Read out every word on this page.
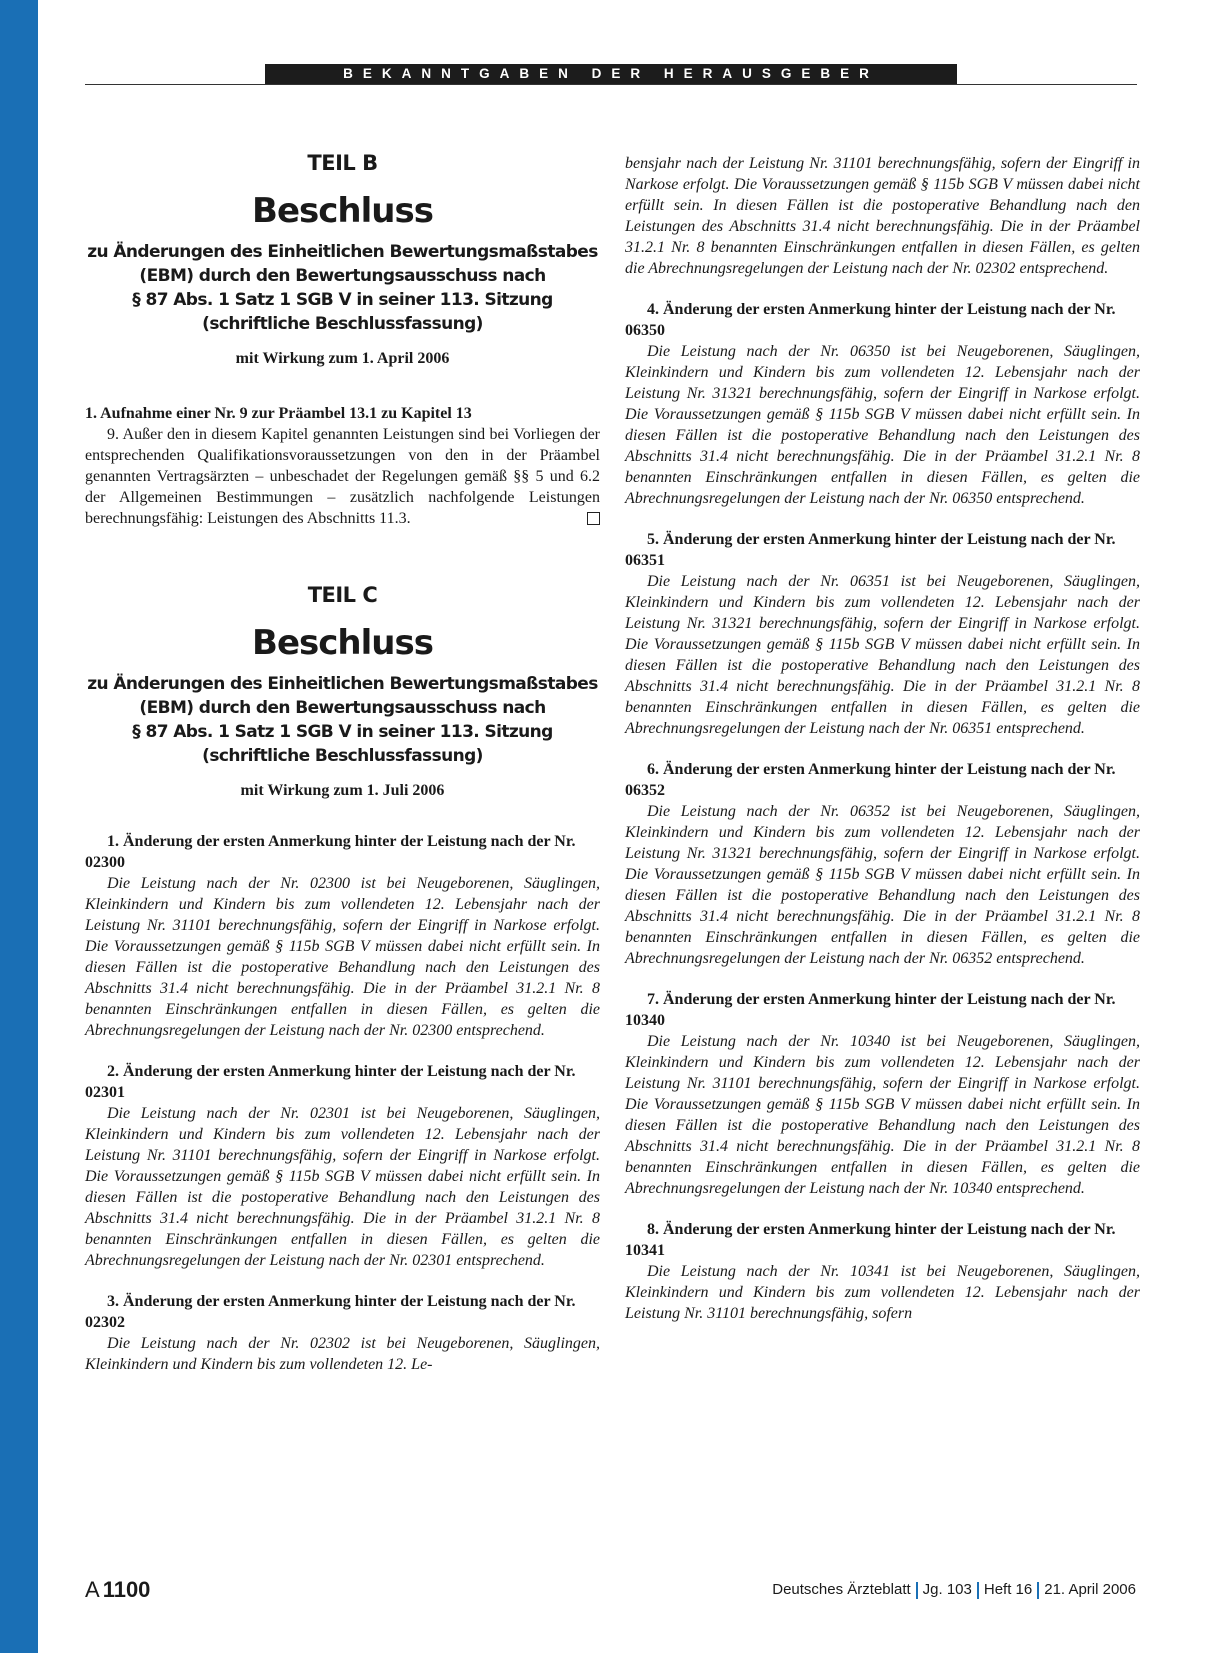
BEKANNTGABEN DER HERAUSGEBER
TEIL B
Beschluss
zu Änderungen des Einheitlichen Bewertungsmaßstabes
(EBM) durch den Bewertungsausschuss nach
§ 87 Abs. 1 Satz 1 SGB V in seiner 113. Sitzung
(schriftliche Beschlussfassung)
mit Wirkung zum 1. April 2006
1. Aufnahme einer Nr. 9 zur Präambel 13.1 zu Kapitel 13
9. Außer den in diesem Kapitel genannten Leistungen sind bei Vorliegen der entsprechenden Qualifikationsvoraussetzungen von den in der Präambel genannten Vertragsärzten – unbeschadet der Regelungen gemäß §§ 5 und 6.2 der Allgemeinen Bestimmungen – zusätzlich nachfolgende Leistungen berechnungsfähig: Leistungen des Abschnitts 11.3.
TEIL C
Beschluss
zu Änderungen des Einheitlichen Bewertungsmaßstabes
(EBM) durch den Bewertungsausschuss nach
§ 87 Abs. 1 Satz 1 SGB V in seiner 113. Sitzung
(schriftliche Beschlussfassung)
mit Wirkung zum 1. Juli 2006
1. Änderung der ersten Anmerkung hinter der Leistung nach der Nr. 02300
Die Leistung nach der Nr. 02300 ist bei Neugeborenen, Säuglingen, Kleinkindern und Kindern bis zum vollendeten 12. Lebensjahr nach der Leistung Nr. 31101 berechnungsfähig, sofern der Eingriff in Narkose erfolgt. Die Voraussetzungen gemäß § 115b SGB V müssen dabei nicht erfüllt sein. In diesen Fällen ist die postoperative Behandlung nach den Leistungen des Abschnitts 31.4 nicht berechnungsfähig. Die in der Präambel 31.2.1 Nr. 8 benannten Einschränkungen entfallen in diesen Fällen, es gelten die Abrechnungsregelungen der Leistung nach der Nr. 02300 entsprechend.
2. Änderung der ersten Anmerkung hinter der Leistung nach der Nr. 02301
Die Leistung nach der Nr. 02301 ist bei Neugeborenen, Säuglingen, Kleinkindern und Kindern bis zum vollendeten 12. Lebensjahr nach der Leistung Nr. 31101 berechnungsfähig, sofern der Eingriff in Narkose erfolgt. Die Voraussetzungen gemäß § 115b SGB V müssen dabei nicht erfüllt sein. In diesen Fällen ist die postoperative Behandlung nach den Leistungen des Abschnitts 31.4 nicht berechnungsfähig. Die in der Präambel 31.2.1 Nr. 8 benannten Einschränkungen entfallen in diesen Fällen, es gelten die Abrechnungsregelungen der Leistung nach der Nr. 02301 entsprechend.
3. Änderung der ersten Anmerkung hinter der Leistung nach der Nr. 02302
Die Leistung nach der Nr. 02302 ist bei Neugeborenen, Säuglingen, Kleinkindern und Kindern bis zum vollendeten 12. Le-
bensjahr nach der Leistung Nr. 31101 berechnungsfähig, sofern der Eingriff in Narkose erfolgt. Die Voraussetzungen gemäß § 115b SGB V müssen dabei nicht erfüllt sein. In diesen Fällen ist die postoperative Behandlung nach den Leistungen des Abschnitts 31.4 nicht berechnungsfähig. Die in der Präambel 31.2.1 Nr. 8 benannten Einschränkungen entfallen in diesen Fällen, es gelten die Abrechnungsregelungen der Leistung nach der Nr. 02302 entsprechend.
4. Änderung der ersten Anmerkung hinter der Leistung nach der Nr. 06350
Die Leistung nach der Nr. 06350 ist bei Neugeborenen, Säuglingen, Kleinkindern und Kindern bis zum vollendeten 12. Lebensjahr nach der Leistung Nr. 31321 berechnungsfähig, sofern der Eingriff in Narkose erfolgt. Die Voraussetzungen gemäß § 115b SGB V müssen dabei nicht erfüllt sein. In diesen Fällen ist die postoperative Behandlung nach den Leistungen des Abschnitts 31.4 nicht berechnungsfähig. Die in der Präambel 31.2.1 Nr. 8 benannten Einschränkungen entfallen in diesen Fällen, es gelten die Abrechnungsregelungen der Leistung nach der Nr. 06350 entsprechend.
5. Änderung der ersten Anmerkung hinter der Leistung nach der Nr. 06351
Die Leistung nach der Nr. 06351 ist bei Neugeborenen, Säuglingen, Kleinkindern und Kindern bis zum vollendeten 12. Lebensjahr nach der Leistung Nr. 31321 berechnungsfähig, sofern der Eingriff in Narkose erfolgt. Die Voraussetzungen gemäß § 115b SGB V müssen dabei nicht erfüllt sein. In diesen Fällen ist die postoperative Behandlung nach den Leistungen des Abschnitts 31.4 nicht berechnungsfähig. Die in der Präambel 31.2.1 Nr. 8 benannten Einschränkungen entfallen in diesen Fällen, es gelten die Abrechnungsregelungen der Leistung nach der Nr. 06351 entsprechend.
6. Änderung der ersten Anmerkung hinter der Leistung nach der Nr. 06352
Die Leistung nach der Nr. 06352 ist bei Neugeborenen, Säuglingen, Kleinkindern und Kindern bis zum vollendeten 12. Lebensjahr nach der Leistung Nr. 31321 berechnungsfähig, sofern der Eingriff in Narkose erfolgt. Die Voraussetzungen gemäß § 115b SGB V müssen dabei nicht erfüllt sein. In diesen Fällen ist die postoperative Behandlung nach den Leistungen des Abschnitts 31.4 nicht berechnungsfähig. Die in der Präambel 31.2.1 Nr. 8 benannten Einschränkungen entfallen in diesen Fällen, es gelten die Abrechnungsregelungen der Leistung nach der Nr. 06352 entsprechend.
7. Änderung der ersten Anmerkung hinter der Leistung nach der Nr. 10340
Die Leistung nach der Nr. 10340 ist bei Neugeborenen, Säuglingen, Kleinkindern und Kindern bis zum vollendeten 12. Lebensjahr nach der Leistung Nr. 31101 berechnungsfähig, sofern der Eingriff in Narkose erfolgt. Die Voraussetzungen gemäß § 115b SGB V müssen dabei nicht erfüllt sein. In diesen Fällen ist die postoperative Behandlung nach den Leistungen des Abschnitts 31.4 nicht berechnungsfähig. Die in der Präambel 31.2.1 Nr. 8 benannten Einschränkungen entfallen in diesen Fällen, es gelten die Abrechnungsregelungen der Leistung nach der Nr. 10340 entsprechend.
8. Änderung der ersten Anmerkung hinter der Leistung nach der Nr. 10341
Die Leistung nach der Nr. 10341 ist bei Neugeborenen, Säuglingen, Kleinkindern und Kindern bis zum vollendeten 12. Lebensjahr nach der Leistung Nr. 31101 berechnungsfähig, sofern
A 1100	Deutsches Ärzteblatt Jg. 103 Heft 16 21. April 2006
